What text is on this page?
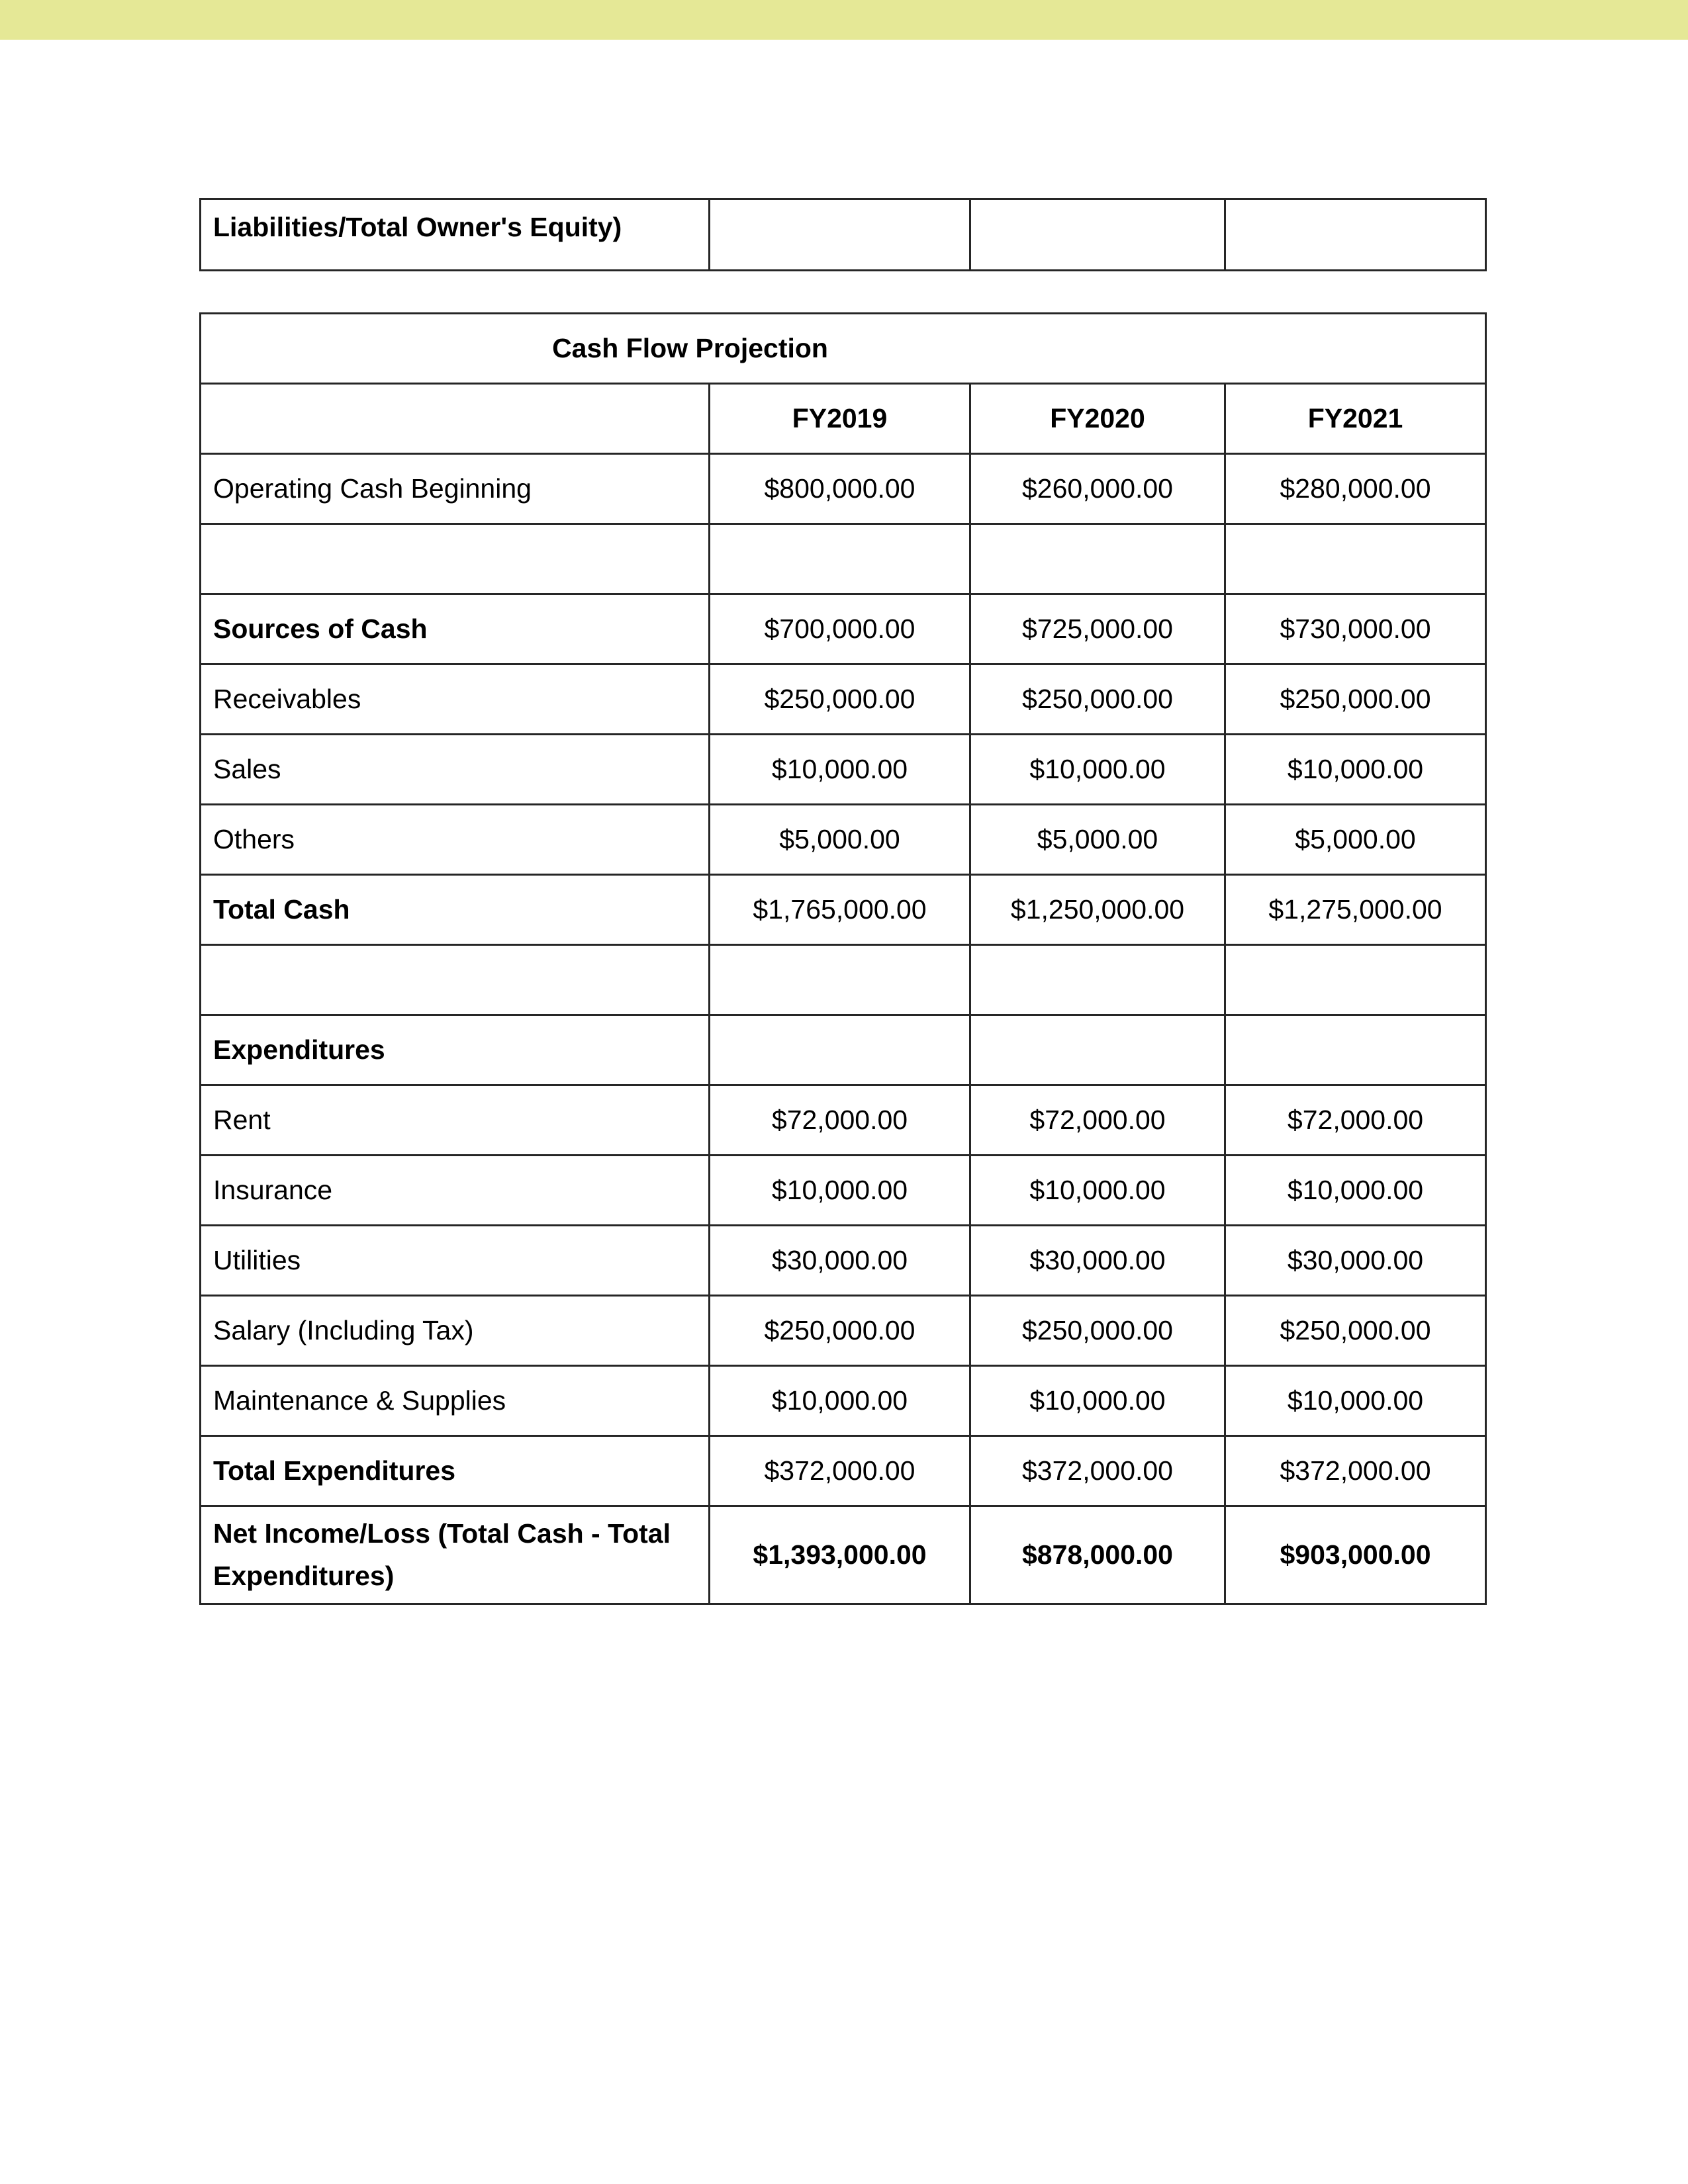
Liabilities/Total Owner's Equity)			
Cash Flow Projection			
	FY2019	FY2020	FY2021
Operating Cash Beginning	$800,000.00	$260,000.00	$280,000.00

Sources of Cash	$700,000.00	$725,000.00	$730,000.00
Receivables	$250,000.00	$250,000.00	$250,000.00
Sales	$10,000.00	$10,000.00	$10,000.00
Others	$5,000.00	$5,000.00	$5,000.00
Total Cash	$1,765,000.00	$1,250,000.00	$1,275,000.00

Expenditures			
Rent	$72,000.00	$72,000.00	$72,000.00
Insurance	$10,000.00	$10,000.00	$10,000.00
Utilities	$30,000.00	$30,000.00	$30,000.00
Salary (Including Tax)	$250,000.00	$250,000.00	$250,000.00
Maintenance & Supplies	$10,000.00	$10,000.00	$10,000.00
Total Expenditures	$372,000.00	$372,000.00	$372,000.00
Net Income/Loss (Total Cash - Total Expenditures)	$1,393,000.00	$878,000.00	$903,000.00
